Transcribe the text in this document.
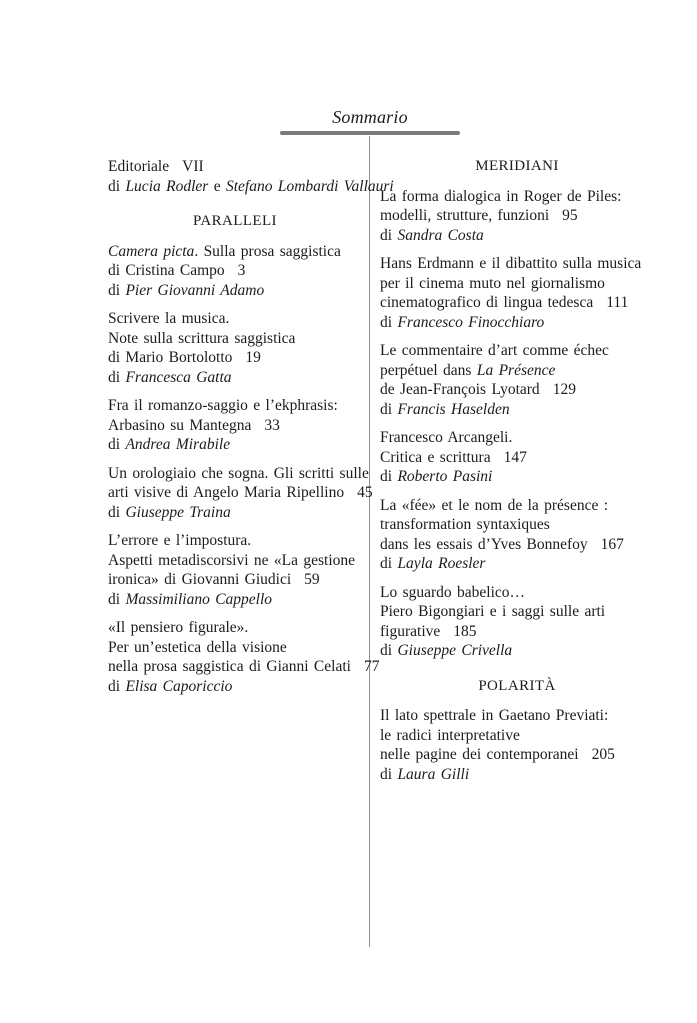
Sommario
Editoriale VII
di Lucia Rodler e Stefano Lombardi Vallauri
PARALLELI
Camera picta. Sulla prosa saggistica
di Cristina Campo 3
di Pier Giovanni Adamo
Scrivere la musica.
Note sulla scrittura saggistica
di Mario Bortolotto 19
di Francesca Gatta
Fra il romanzo-saggio e l’ekphrasis:
Arbasino su Mantegna 33
di Andrea Mirabile
Un orologiaio che sogna. Gli scritti sulle
arti visive di Angelo Maria Ripellino 45
di Giuseppe Traina
L’errore e l’impostura.
Aspetti metadiscorsivi ne «La gestione
ironica» di Giovanni Giudici 59
di Massimiliano Cappello
«Il pensiero figurale».
Per un’estetica della visione
nella prosa saggistica di Gianni Celati 77
di Elisa Caporiccio
MERIDIANI
La forma dialogica in Roger de Piles:
modelli, strutture, funzioni 95
di Sandra Costa
Hans Erdmann e il dibattito sulla musica
per il cinema muto nel giornalismo
cinematografico di lingua tedesca 111
di Francesco Finocchiaro
Le commentaire d’art comme échec
perpétuel dans La Présence
de Jean-François Lyotard 129
di Francis Haselden
Francesco Arcangeli.
Critica e scrittura 147
di Roberto Pasini
La «fée» et le nom de la présence :
transformation syntaxiques
dans les essais d’Yves Bonnefoy 167
di Layla Roesler
Lo sguardo babelico…
Piero Bigongiari e i saggi sulle arti
figurative 185
di Giuseppe Crivella
POLARITÀ
Il lato spettrale in Gaetano Previati:
le radici interpretative
nelle pagine dei contemporanei 205
di Laura Gilli
